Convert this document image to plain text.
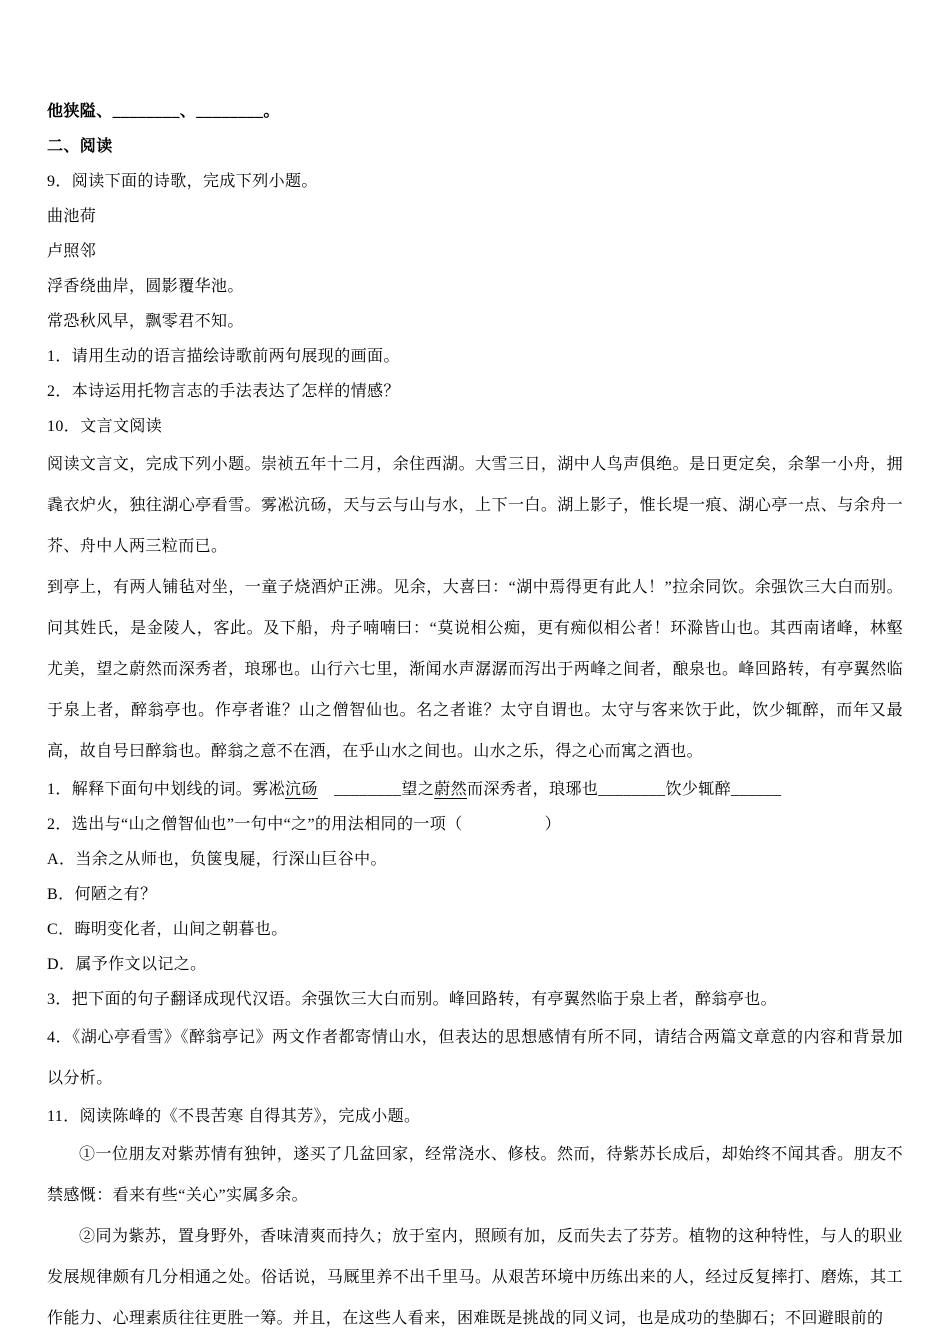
他狭隘、________、________。

二、阅读

9．阅读下面的诗歌，完成下列小题。

曲池荷

卢照邻

浮香绕曲岸，圆影覆华池。

常恐秋风早，飘零君不知。

1．请用生动的语言描绘诗歌前两句展现的画面。

2．本诗运用托物言志的手法表达了怎样的情感？

10．文言文阅读

阅读文言文，完成下列小题。崇祯五年十二月，余住西湖。大雪三日，湖中人鸟声俱绝。是日更定矣，余挐一小舟，拥毳衣炉火，独往湖心亭看雪。雾凇沆砀，天与云与山与水，上下一白。湖上影子，惟长堤一痕、湖心亭一点、与余舟一芥、舟中人两三粒而已。

到亭上，有两人铺毡对坐，一童子烧酒炉正沸。见余，大喜曰：“湖中焉得更有此人！”拉余同饮。余强饮三大白而别。问其姓氏，是金陵人，客此。及下船，舟子喃喃曰：“莫说相公痴，更有痴似相公者！环滁皆山也。其西南诸峰，林壑尤美，望之蔚然而深秀者，琅琊也。山行六七里，渐闻水声潺潺而泻出于两峰之间者，酿泉也。峰回路转，有亭翼然临于泉上者，醉翁亭也。作亭者谁？山之僧智仙也。名之者谁？太守自谓也。太守与客来饮于此，饮少辄醉，而年又最高，故自号曰醉翁也。醉翁之意不在酒，在乎山水之间也。山水之乐，得之心而寓之酒也。

1．解释下面句中划线的词。雾凇沆砀　________望之蔚然而深秀者，琅琊也________饮少辄醉______

2．选出与“山之僧智仙也”一句中“之”的用法相同的一项（　　　　　）

A．当余之从师也，负箧曳屣，行深山巨谷中。

B．何陋之有？

C．晦明变化者，山间之朝暮也。

D．属予作文以记之。

3．把下面的句子翻译成现代汉语。余强饮三大白而别。峰回路转，有亭翼然临于泉上者，醉翁亭也。

4．《湖心亭看雪》《醉翁亭记》两文作者都寄情山水，但表达的思想感情有所不同，请结合两篇文章意的内容和背景加以分析。

11．阅读陈峰的《不畏苦寒 自得其芳》，完成小题。

①一位朋友对紫苏情有独钟，遂买了几盆回家，经常浇水、修枝。然而，待紫苏长成后，却始终不闻其香。朋友不禁感慨：看来有些“关心”实属多余。

②同为紫苏，置身野外，香味清爽而持久；放于室内，照顾有加，反而失去了芬芳。植物的这种特性，与人的职业发展规律颇有几分相通之处。俗话说，马厩里养不出千里马。从艰苦环境中历练出来的人，经过反复摔打、磨炼，其工作能力、心理素质往往更胜一筹。并且，在这些人看来，困难既是挑战的同义词，也是成功的垫脚石；不回避眼前的
